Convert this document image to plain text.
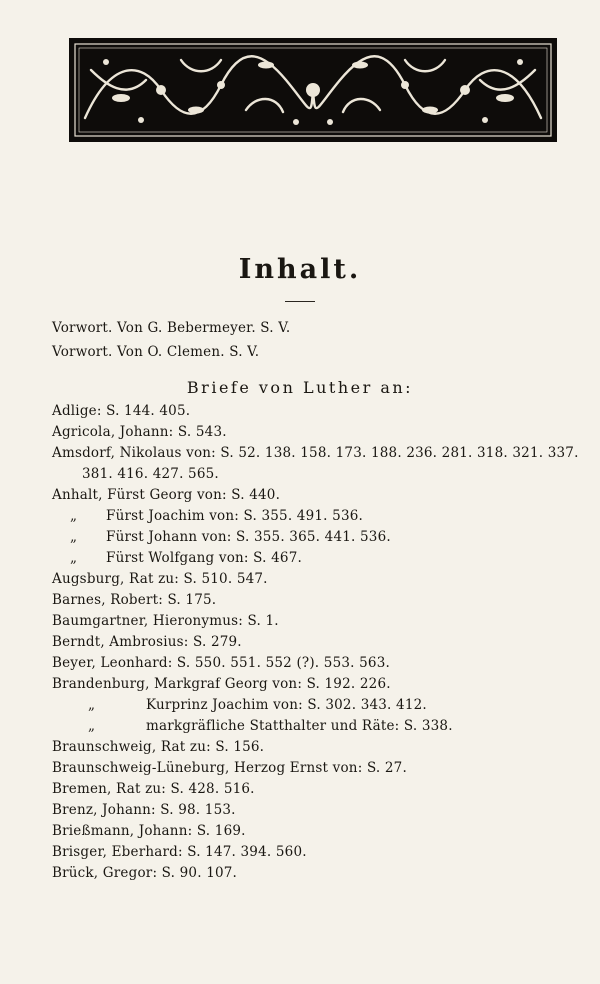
Inhalt.
Vorwort. Von G. Bebermeyer. S. V.
Vorwort. Von O. Clemen. S. V.
Briefe von Luther an:
Adlige: S. 144. 405.
Agricola, Johann: S. 543.
Amsdorf, Nikolaus von: S. 52. 138. 158. 173. 188. 236. 281. 318. 321. 337.
381. 416. 427. 565.
Anhalt, Fürst Georg von: S. 440.
„ Fürst Joachim von: S. 355. 491. 536.
„ Fürst Johann von: S. 355. 365. 441. 536.
„ Fürst Wolfgang von: S. 467.
Augsburg, Rat zu: S. 510. 547.
Barnes, Robert: S. 175.
Baumgartner, Hieronymus: S. 1.
Berndt, Ambrosius: S. 279.
Beyer, Leonhard: S. 550. 551. 552 (?). 553. 563.
Brandenburg, Markgraf Georg von: S. 192. 226.
„	Kurprinz Joachim von: S. 302. 343. 412.
„	markgräfliche Statthalter und Räte: S. 338.
Braunschweig, Rat zu: S. 156.
Braunschweig-Lüneburg, Herzog Ernst von: S. 27.
Bremen, Rat zu: S. 428. 516.
Brenz, Johann: S. 98. 153.
Brießmann, Johann: S. 169.
Brisger, Eberhard: S. 147. 394. 560.
Brück, Gregor: S. 90. 107.
